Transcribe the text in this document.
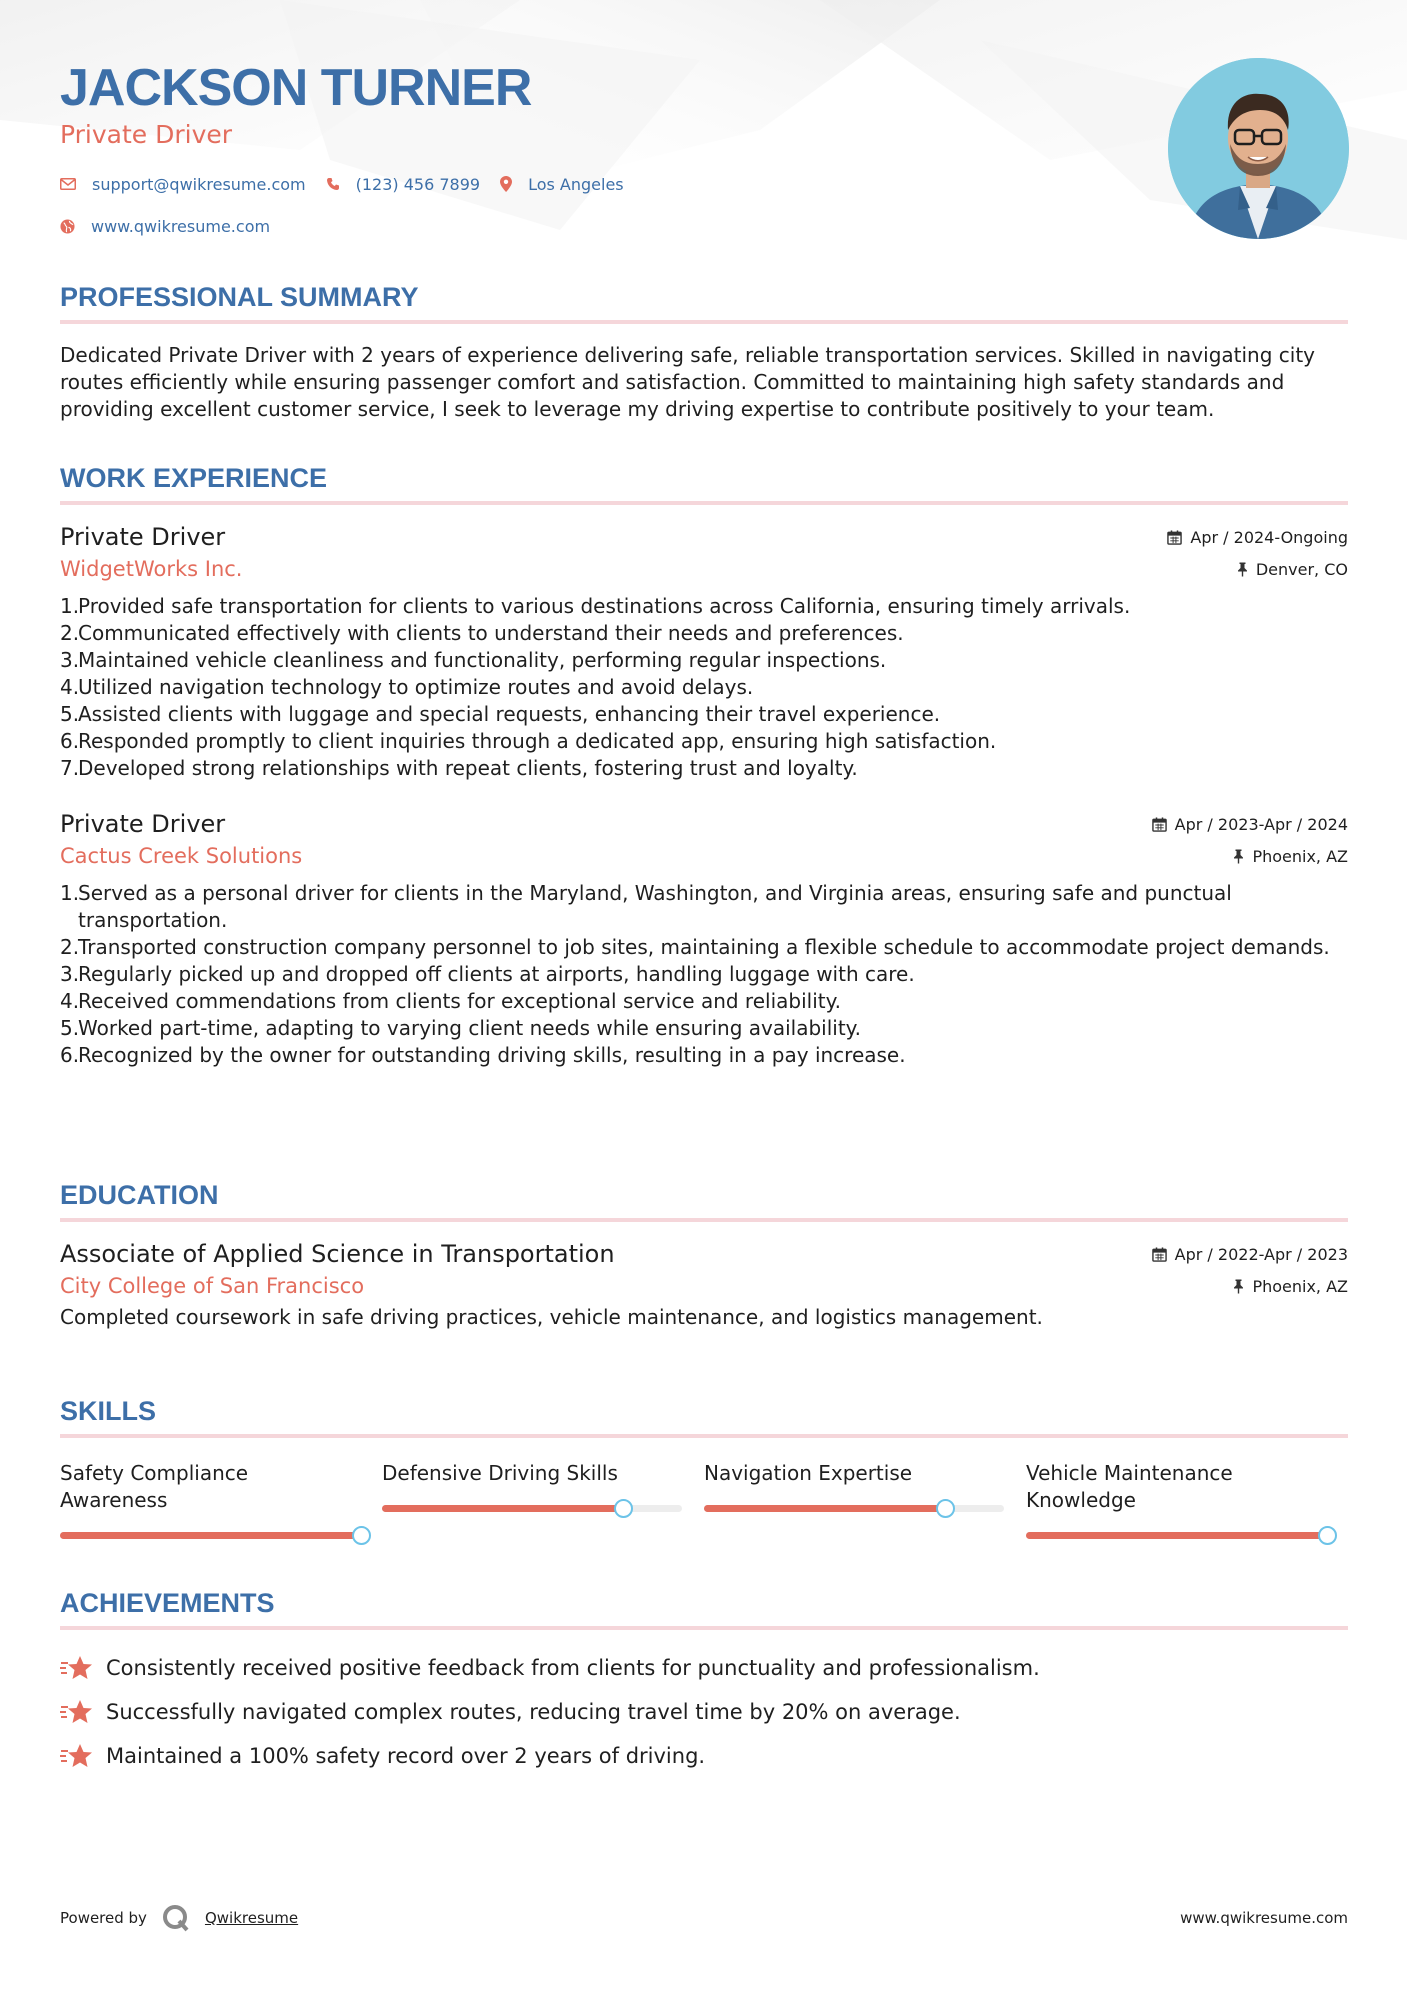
JACKSON TURNER
Private Driver
support@qwikresume.com	(123) 456 7899	Los Angeles
www.qwikresume.com
PROFESSIONAL SUMMARY
Dedicated Private Driver with 2 years of experience delivering safe, reliable transportation services. Skilled in navigating city routes efficiently while ensuring passenger comfort and satisfaction. Committed to maintaining high safety standards and providing excellent customer service, I seek to leverage my driving expertise to contribute positively to your team.
WORK EXPERIENCE
Private Driver
WidgetWorks Inc.
Apr / 2024-Ongoing
Denver, CO
1.
Provided safe transportation for clients to various destinations across California, ensuring timely arrivals.
2.
Communicated effectively with clients to understand their needs and preferences.
3.
Maintained vehicle cleanliness and functionality, performing regular inspections.
4.
Utilized navigation technology to optimize routes and avoid delays.
5.
Assisted clients with luggage and special requests, enhancing their travel experience.
6.
Responded promptly to client inquiries through a dedicated app, ensuring high satisfaction.
7.
Developed strong relationships with repeat clients, fostering trust and loyalty.
Private Driver
Cactus Creek Solutions
Apr / 2023-Apr / 2024
Phoenix, AZ
1.
Served as a personal driver for clients in the Maryland, Washington, and Virginia areas, ensuring safe and punctual transportation.
2.
Transported construction company personnel to job sites, maintaining a flexible schedule to accommodate project demands.
3.
Regularly picked up and dropped off clients at airports, handling luggage with care.
4.
Received commendations from clients for exceptional service and reliability.
5.
Worked part-time, adapting to varying client needs while ensuring availability.
6.
Recognized by the owner for outstanding driving skills, resulting in a pay increase.
EDUCATION
Associate of Applied Science in Transportation
City College of San Francisco
Apr / 2022-Apr / 2023
Phoenix, AZ
Completed coursework in safe driving practices, vehicle maintenance, and logistics management.
SKILLS
Safety Compliance Awareness
Defensive Driving Skills	Navigation Expertise	Vehicle Maintenance Knowledge
ACHIEVEMENTS
Consistently received positive feedback from clients for punctuality and professionalism.
Successfully navigated complex routes, reducing travel time by 20% on average.
Maintained a 100% safety record over 2 years of driving.
Powered by	Qwikresume	www.qwikresume.com
